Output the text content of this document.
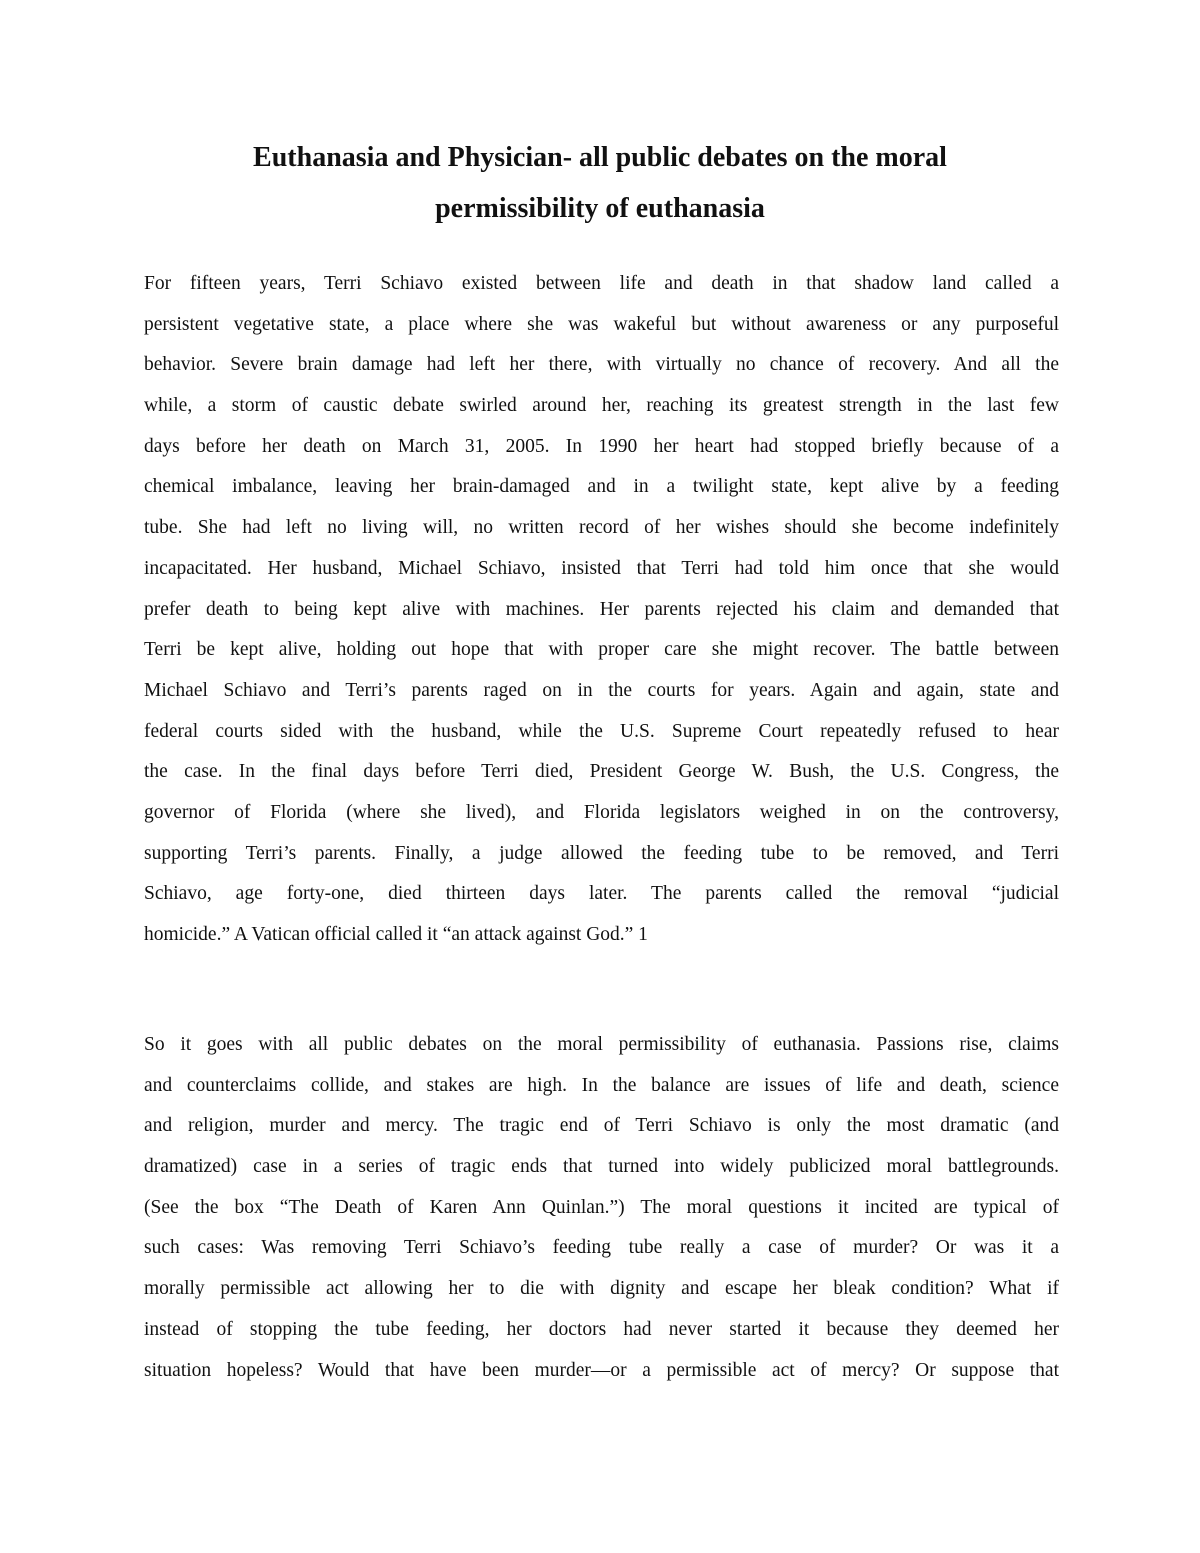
Euthanasia and Physician- all public debates on the moral
permissibility of euthanasia
For fifteen years, Terri Schiavo existed between life and death in that shadow land called a
persistent vegetative state, a place where she was wakeful but without awareness or any purposeful
behavior. Severe brain damage had left her there, with virtually no chance of recovery. And all the
while, a storm of caustic debate swirled around her, reaching its greatest strength in the last few
days before her death on March 31, 2005. In 1990 her heart had stopped briefly because of a
chemical imbalance, leaving her brain-damaged and in a twilight state, kept alive by a feeding
tube. She had left no living will, no written record of her wishes should she become indefinitely
incapacitated. Her husband, Michael Schiavo, insisted that Terri had told him once that she would
prefer death to being kept alive with machines. Her parents rejected his claim and demanded that
Terri be kept alive, holding out hope that with proper care she might recover. The battle between
Michael Schiavo and Terri’s parents raged on in the courts for years. Again and again, state and
federal courts sided with the husband, while the U.S. Supreme Court repeatedly refused to hear
the case. In the final days before Terri died, President George W. Bush, the U.S. Congress, the
governor of Florida (where she lived), and Florida legislators weighed in on the controversy,
supporting Terri’s parents. Finally, a judge allowed the feeding tube to be removed, and Terri
Schiavo, age forty-one, died thirteen days later. The parents called the removal “judicial
homicide.” A Vatican official called it “an attack against God.” 1
So it goes with all public debates on the moral permissibility of euthanasia. Passions rise, claims
and counterclaims collide, and stakes are high. In the balance are issues of life and death, science
and religion, murder and mercy. The tragic end of Terri Schiavo is only the most dramatic (and
dramatized) case in a series of tragic ends that turned into widely publicized moral battlegrounds.
(See the box “The Death of Karen Ann Quinlan.”) The moral questions it incited are typical of
such cases: Was removing Terri Schiavo’s feeding tube really a case of murder? Or was it a
morally permissible act allowing her to die with dignity and escape her bleak condition? What if
instead of stopping the tube feeding, her doctors had never started it because they deemed her
situation hopeless? Would that have been murder—or a permissible act of mercy? Or suppose that
